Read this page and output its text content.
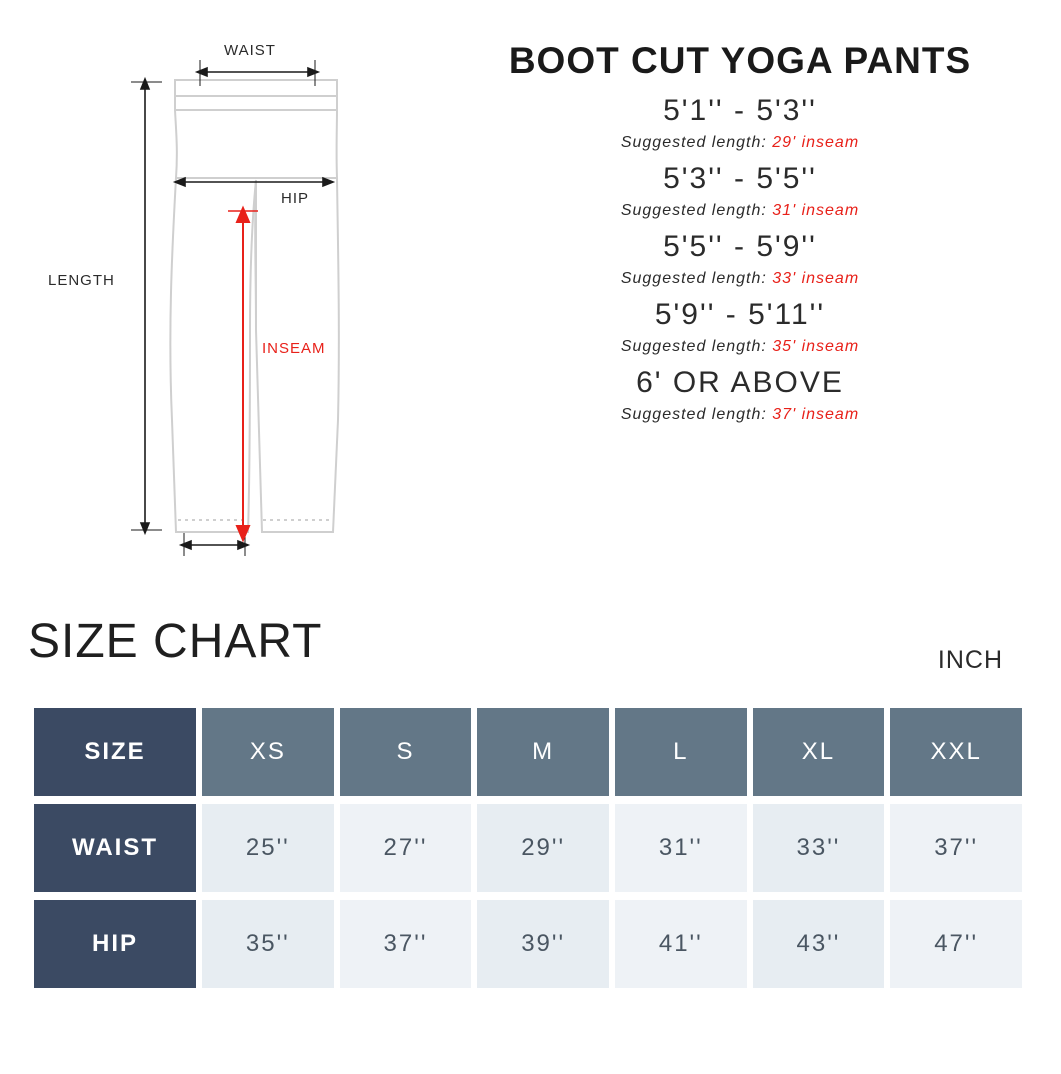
WAIST
HIP
LENGTH
INSEAM
BOOT CUT YOGA PANTS
5'1'' - 5'3''
Suggested length: 29' inseam
5'3'' - 5'5''
Suggested length: 31' inseam
5'5'' - 5'9''
Suggested length: 33' inseam
5'9'' - 5'11''
Suggested length: 35' inseam
6' OR ABOVE
Suggested length: 37' inseam
SIZE CHART	INCH
SIZE	XS	S	M	L	XL	XXL
WAIST	25''	27''	29''	31''	33''	37''
HIP	35''	37''	39''	41''	43''	47''
